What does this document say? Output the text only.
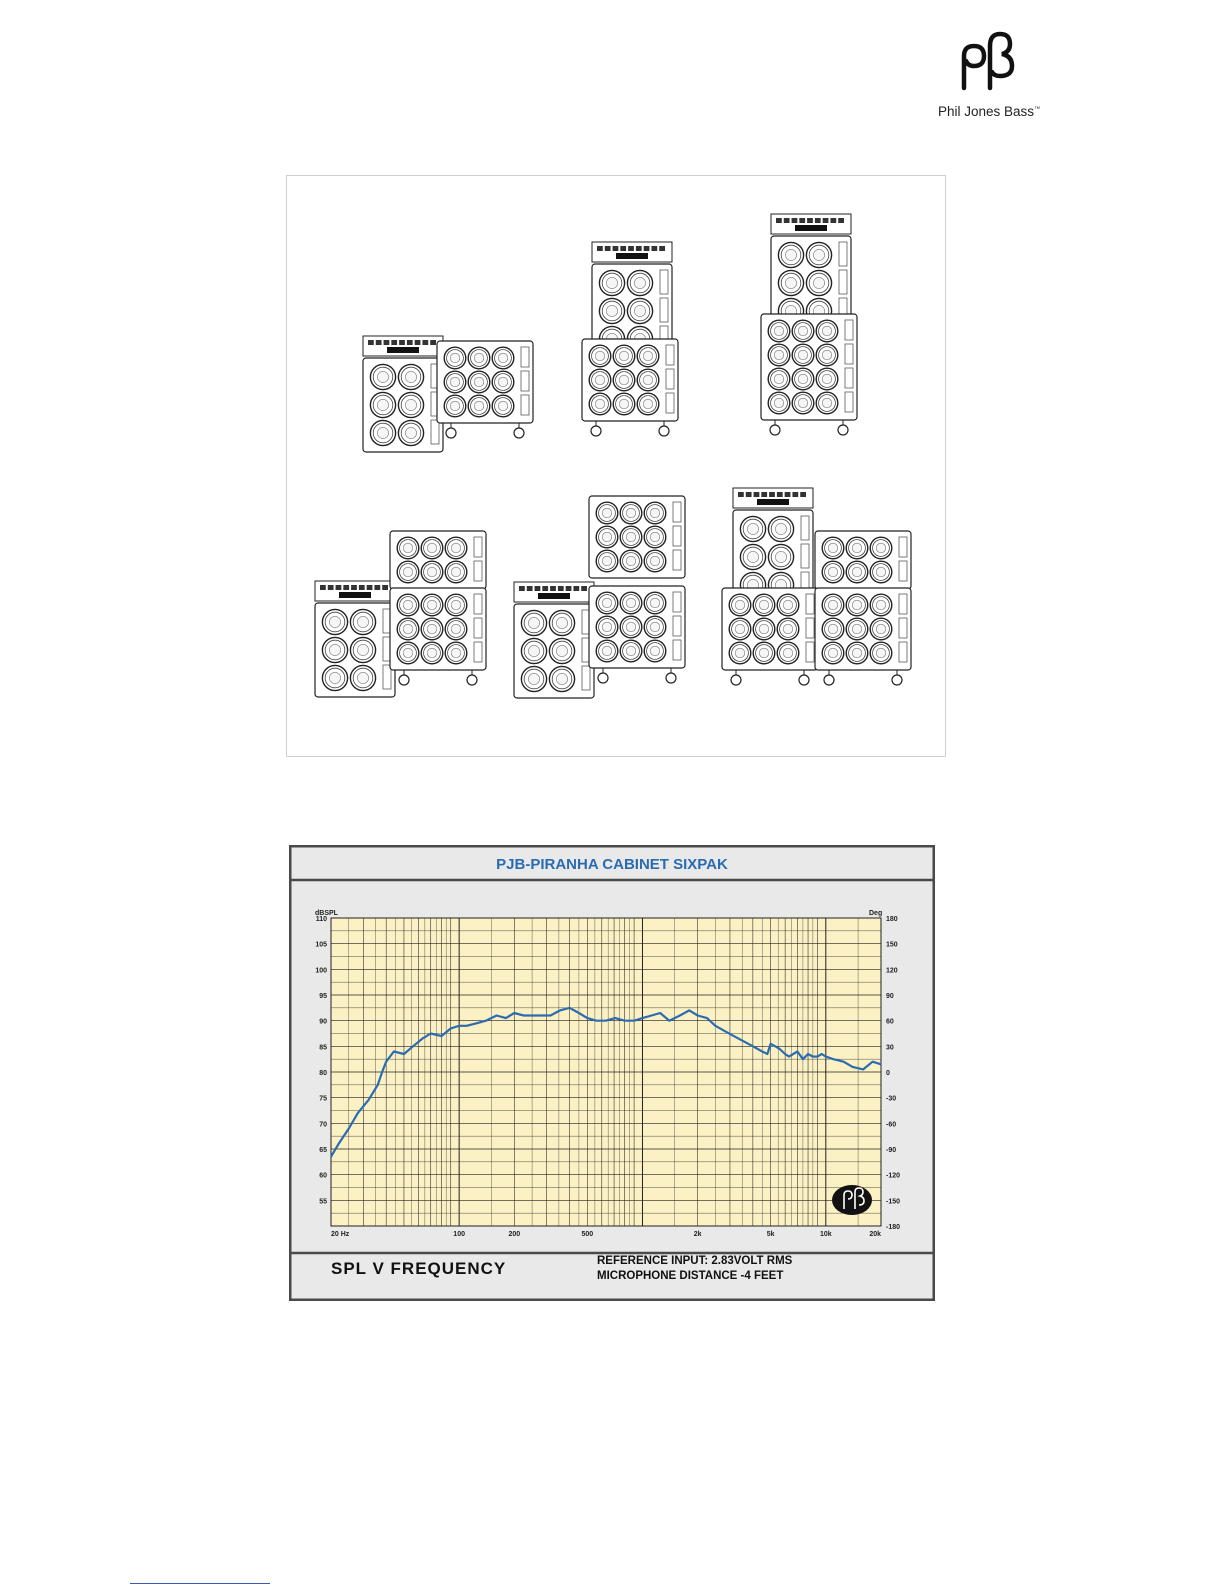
Phil Jones Bass™
PJB-PIRANHA CABINET SIXPAK
dBSPL	Deg
55
60
65
70
75
80
85
90
95
100
105
110
-180
-150
-120
-90
-60
-30
0
30
60
90
120
150
180
20 Hz	100	200	500	2k	5k	10k	20k
SPL V FREQUENCY	REFERENCE INPUT: 2.83VOLT RMS
MICROPHONE DISTANCE -4 FEET
